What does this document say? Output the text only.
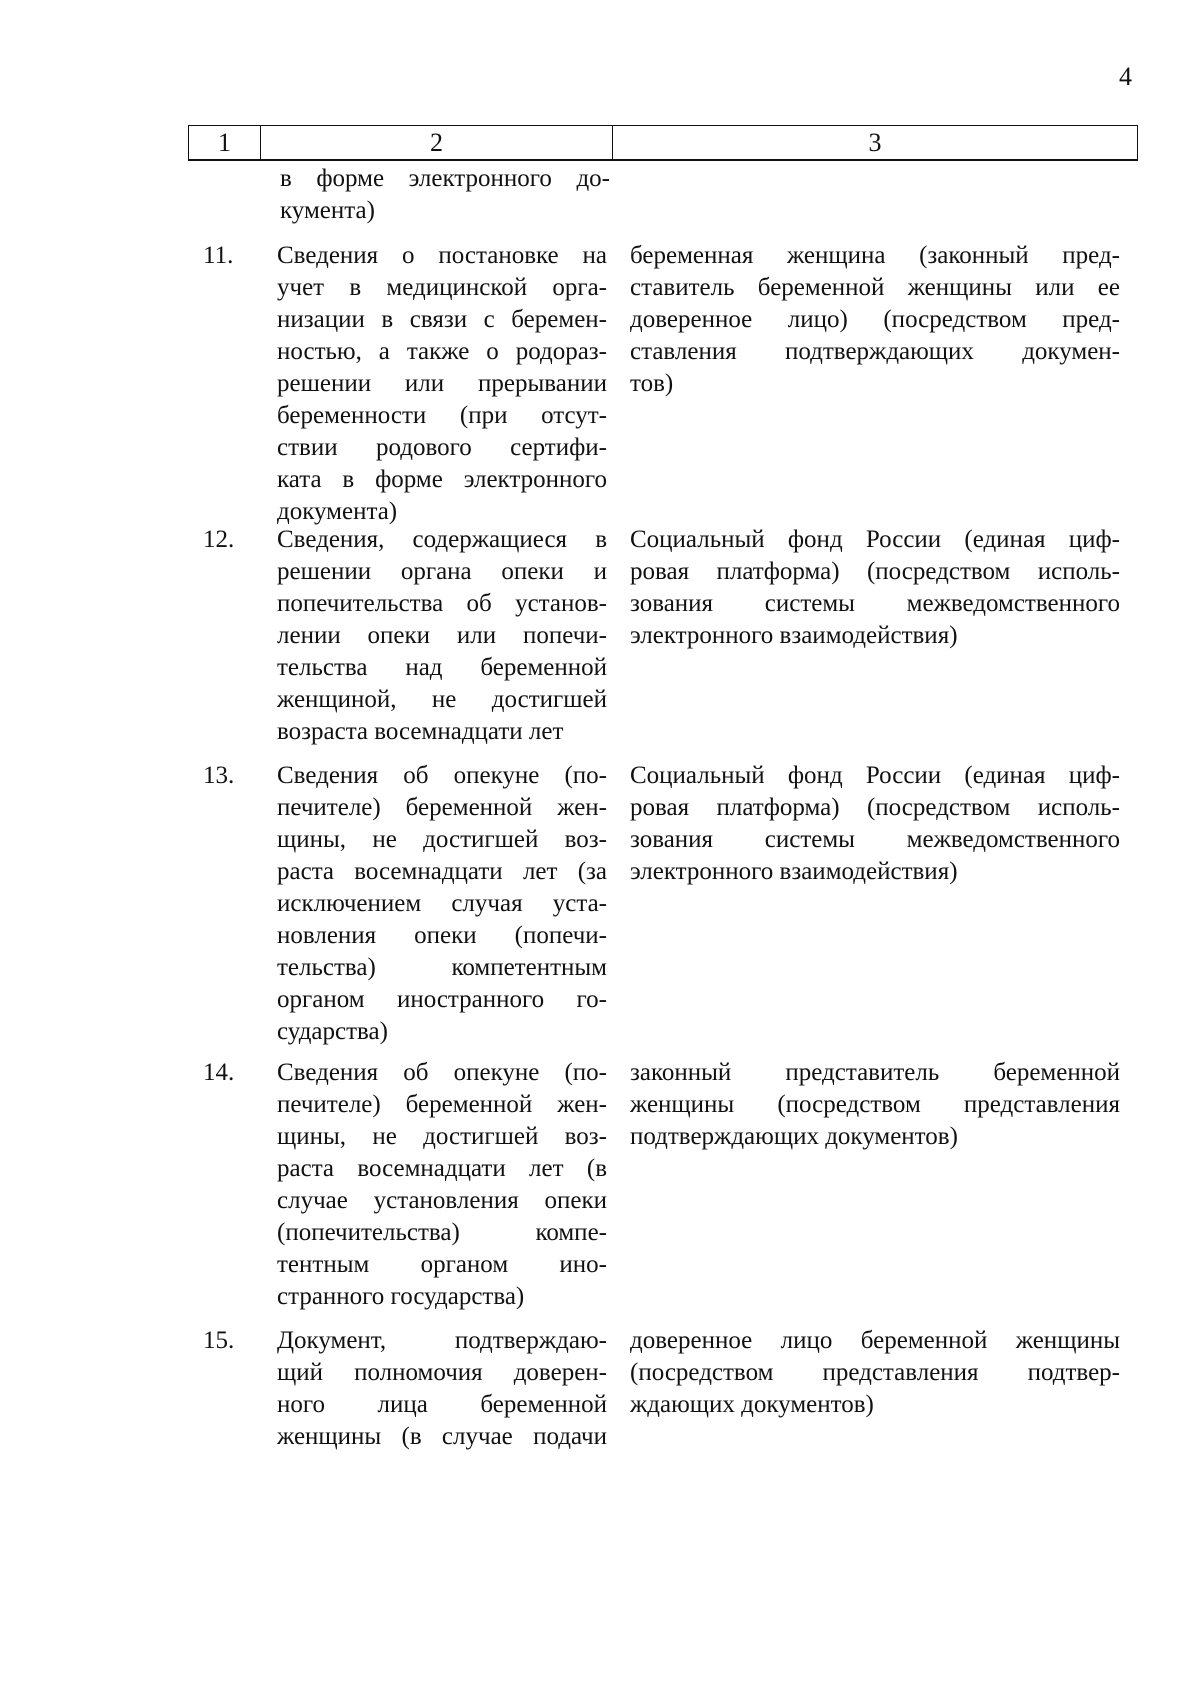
4
1	2	3
в форме электронного до-
кумента)
11. Сведения о постановке на
учет в медицинской орга-
низации в связи с беремен-
ностью, а также о родораз-
решении или прерывании
беременности (при отсут-
ствии родового сертифи-
ката в форме электронного
документа)
беременная женщина (законный пред-
ставитель беременной женщины или ее
доверенное лицо) (посредством пред-
ставления подтверждающих докумен-
тов)
12. Сведения, содержащиеся в
решении органа опеки и
попечительства об установ-
лении опеки или попечи-
тельства над беременной
женщиной, не достигшей
возраста восемнадцати лет
Социальный фонд России (единая циф-
ровая платформа) (посредством исполь-
зования системы межведомственного
электронного взаимодействия)
13. Сведения об опекуне (по-
печителе) беременной жен-
щины, не достигшей воз-
раста восемнадцати лет (за
исключением случая уста-
новления опеки (попечи-
тельства) компетентным
органом иностранного го-
сударства)
Социальный фонд России (единая циф-
ровая платформа) (посредством исполь-
зования системы межведомственного
электронного взаимодействия)
14. Сведения об опекуне (по-
печителе) беременной жен-
щины, не достигшей воз-
раста восемнадцати лет (в
случае установления опеки
(попечительства) компе-
тентным органом ино-
странного государства)
законный представитель беременной
женщины (посредством представления
подтверждающих документов)
15. Документ, подтверждаю-
щий полномочия доверен-
ного лица беременной
женщины (в случае подачи
доверенное лицо беременной женщины
(посредством представления подтвер-
ждающих документов)
